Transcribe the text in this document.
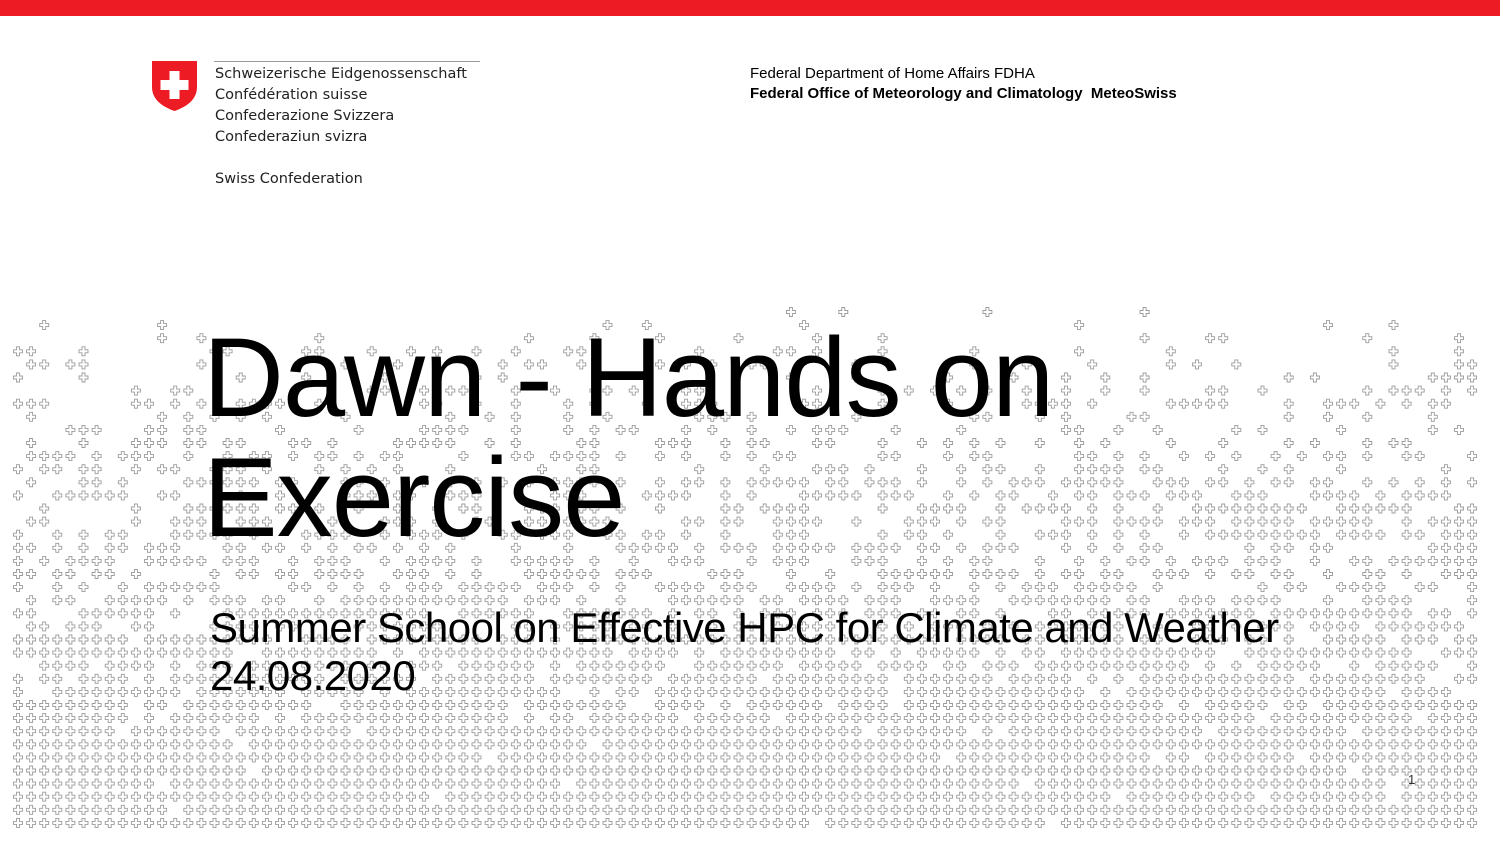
Schweizerische Eidgenossenschaft
Confédération suisse
Confederazione Svizzera
Confederaziun svizra
Swiss Confederation
Federal Department of Home Affairs FDHA
Federal Office of Meteorology and Climatology  MeteoSwiss
Dawn - Hands on
Exercise
Summer School on Effective HPC for Climate and Weather
24.08.2020
1
